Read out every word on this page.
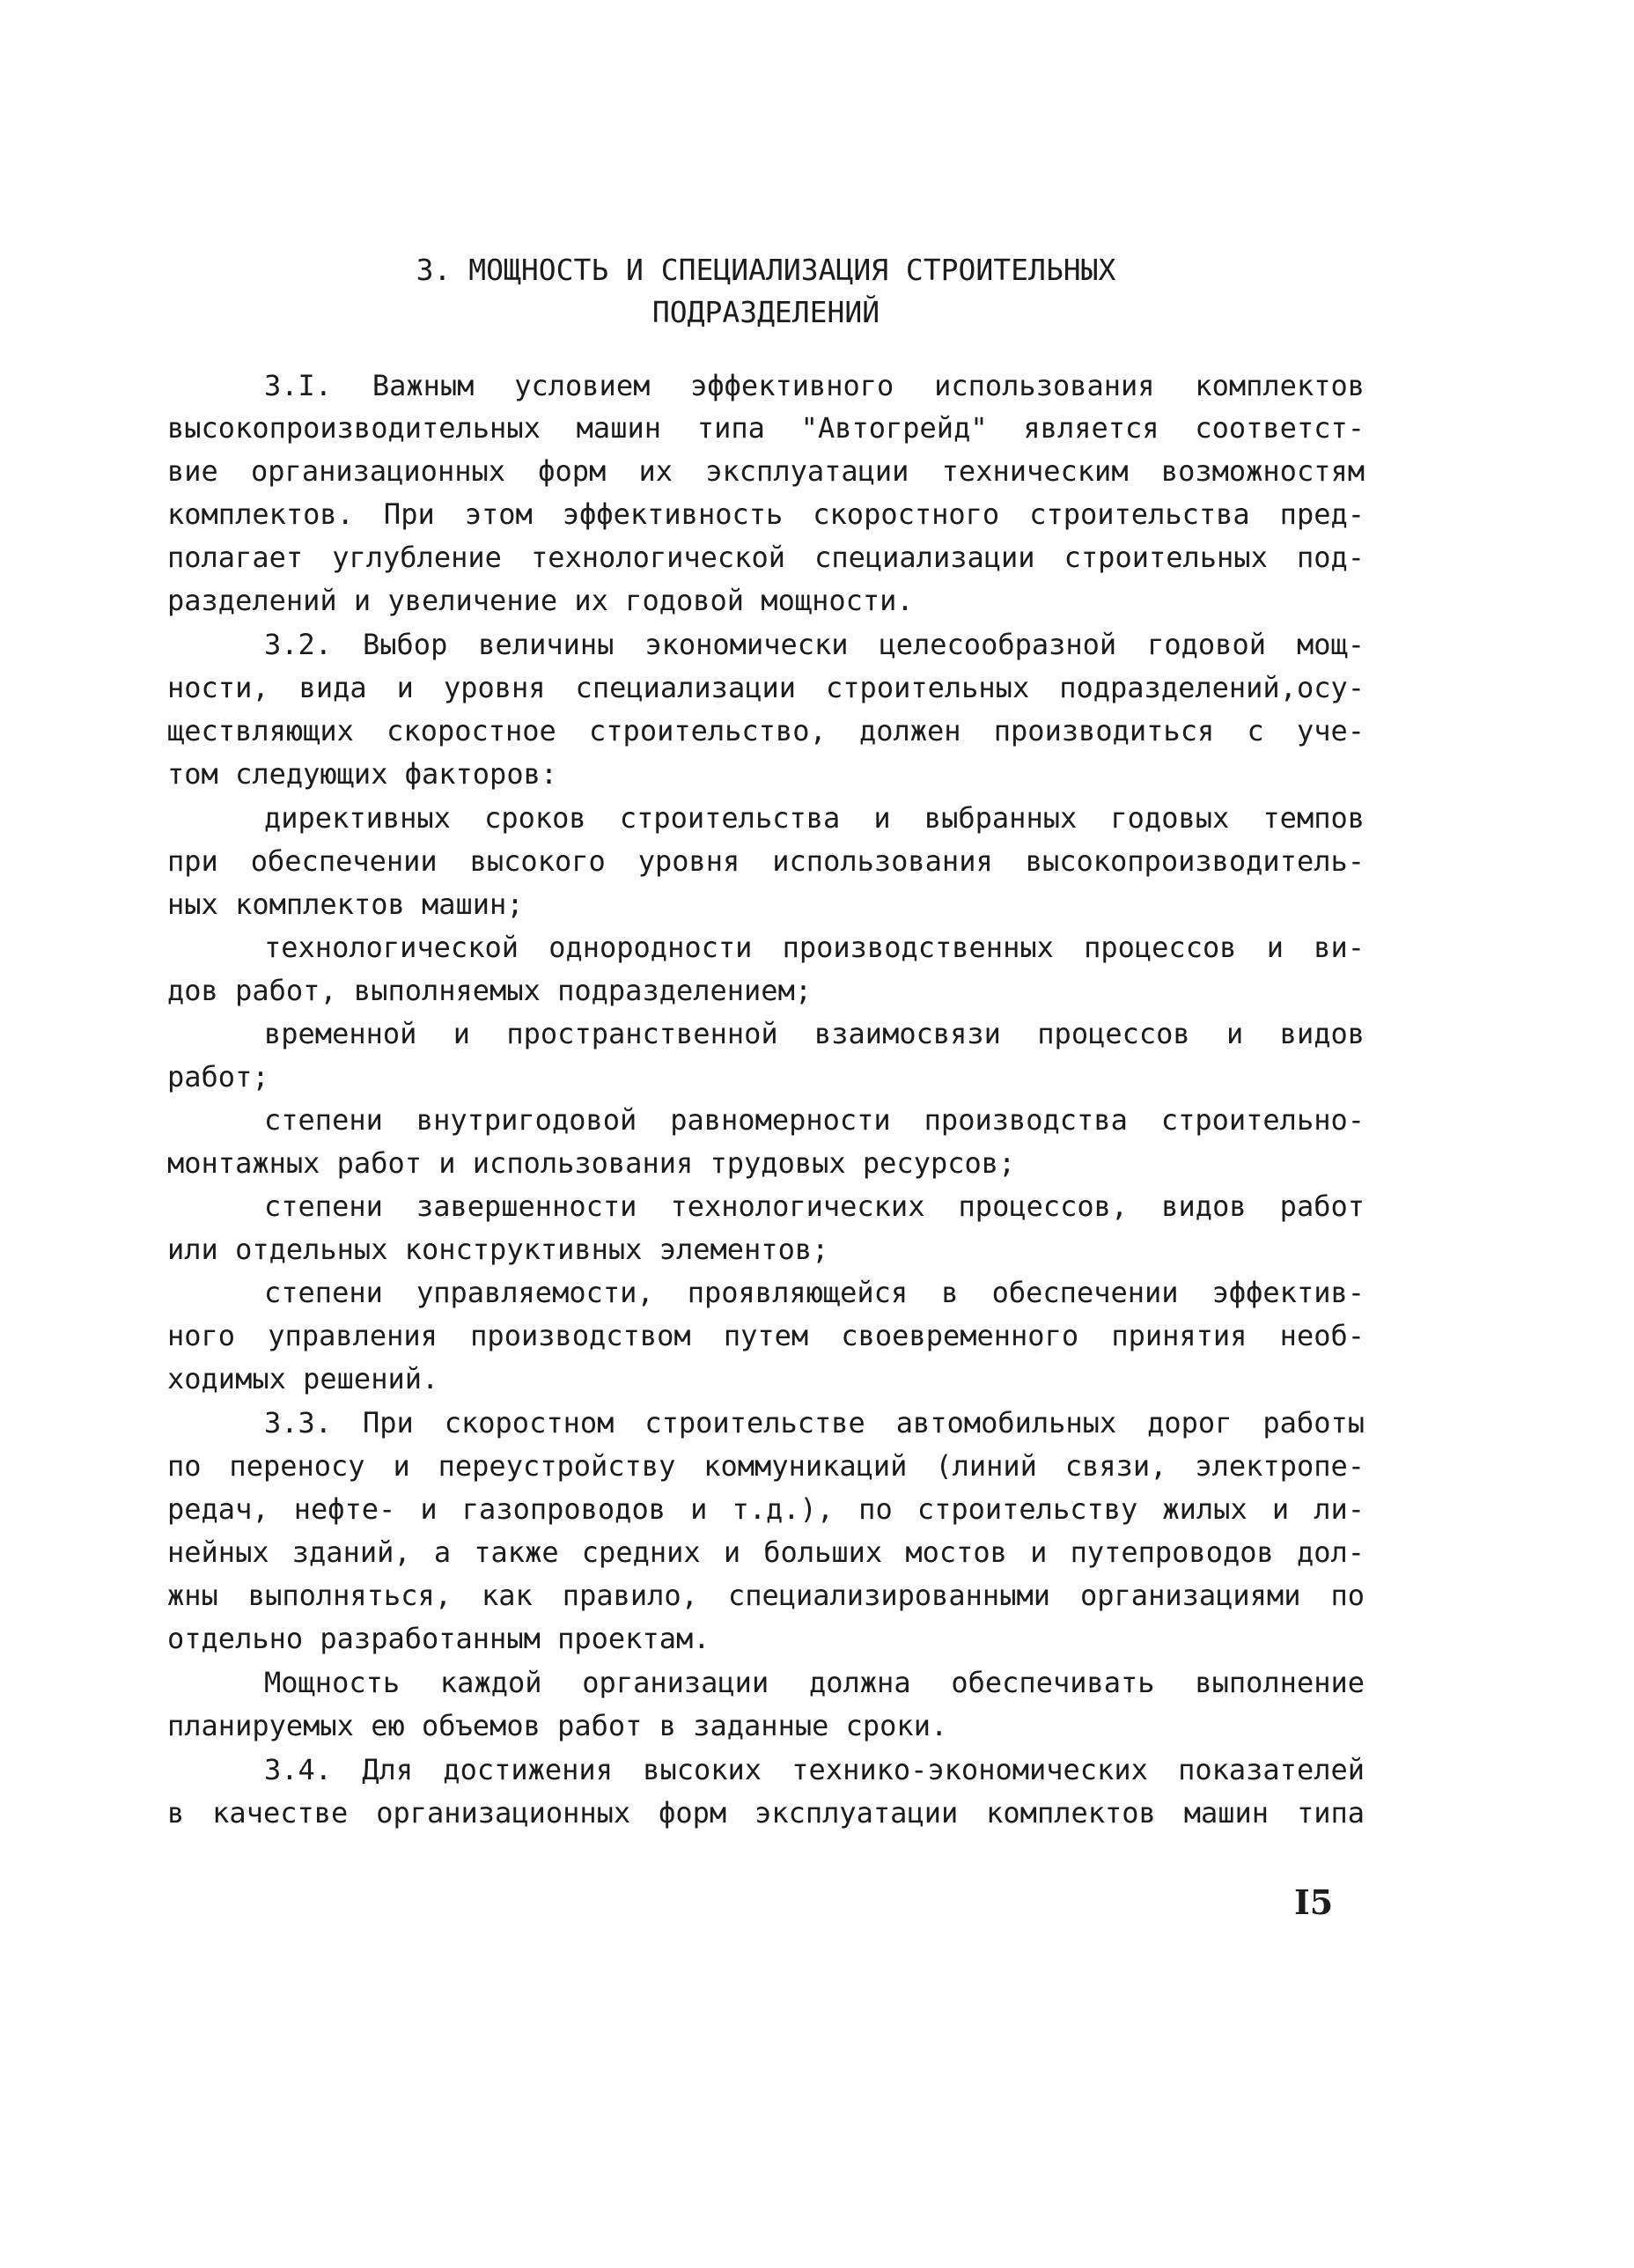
3. МОЩНОСТЬ И СПЕЦИАЛИЗАЦИЯ СТРОИТЕЛЬНЫХ
ПОДРАЗДЕЛЕНИЙ
3.I. Важным условием эффективного использования комплектов
высокопроизводительных машин типа "Автогрейд" является соответст-
вие организационных форм их эксплуатации техническим возможностям
комплектов. При этом эффективность скоростного строительства пред-
полагает углубление технологической специализации строительных под-
разделений и увеличение их годовой мощности.
3.2. Выбор величины экономически целесообразной годовой мощ-
ности, вида и уровня специализации строительных подразделений,осу-
ществляющих скоростное строительство, должен производиться с уче-
том следующих факторов:
директивных сроков строительства и выбранных годовых темпов
при обеспечении высокого уровня использования высокопроизводитель-
ных комплектов машин;
технологической однородности производственных процессов и ви-
дов работ, выполняемых подразделением;
временной и пространственной взаимосвязи процессов и видов
работ;
степени внутригодовой равномерности производства строительно-
монтажных работ и использования трудовых ресурсов;
степени завершенности технологических процессов, видов работ
или отдельных конструктивных элементов;
степени управляемости, проявляющейся в обеспечении эффектив-
ного управления производством путем своевременного принятия необ-
ходимых решений.
3.3. При скоростном строительстве автомобильных дорог работы
по переносу и переустройству коммуникаций (линий связи, электропе-
редач, нефте- и газопроводов и т.д.), по строительству жилых и ли-
нейных зданий, а также средних и больших мостов и путепроводов дол-
жны выполняться, как правило, специализированными организациями по
отдельно разработанным проектам.
Мощность каждой организации должна обеспечивать выполнение
планируемых ею объемов работ в заданные сроки.
3.4. Для достижения высоких технико-экономических показателей
в качестве организационных форм эксплуатации комплектов машин типа
I5
